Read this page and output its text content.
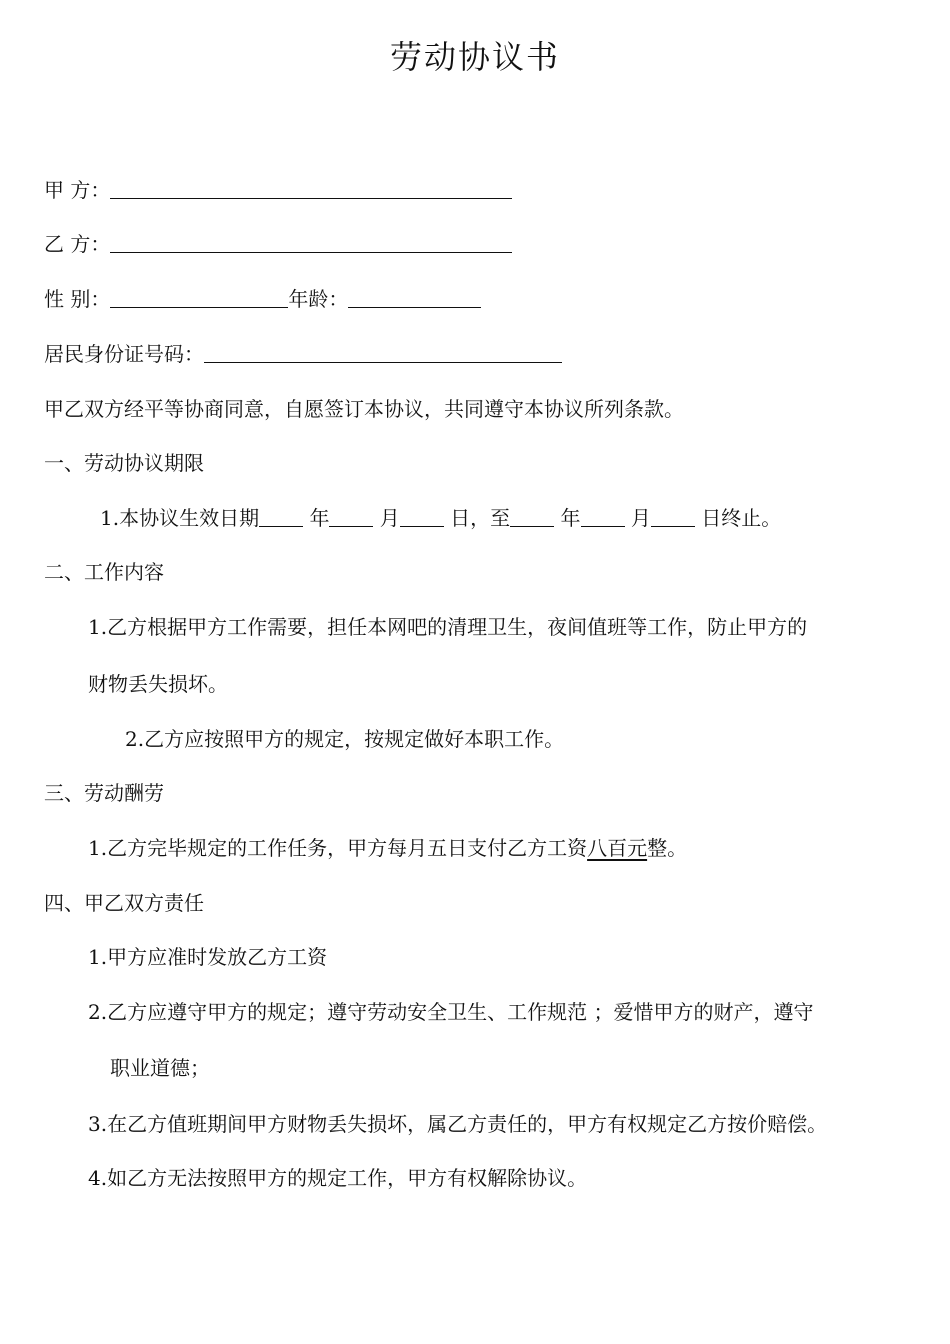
劳动协议书
甲 方：
乙 方：
性 别：	年龄：
居民身份证号码：
甲乙双方经平等协商同意，自愿签订本协议，共同遵守本协议所列条款。
一、劳动协议期限
1.本协议生效日期 年 月 日，至 年 月 日终止。
二、工作内容
1.乙方根据甲方工作需要，担任本网吧的清理卫生，夜间值班等工作，防止甲方的
财物丢失损坏。
2.乙方应按照甲方的规定，按规定做好本职工作。
三、劳动酬劳
1.乙方完毕规定的工作任务，甲方每月五日支付乙方工资八百元整。
四、甲乙双方责任
1.甲方应准时发放乙方工资
2.乙方应遵守甲方的规定；遵守劳动安全卫生、工作规范 ；爱惜甲方的财产，遵守
职业道德；
3.在乙方值班期间甲方财物丢失损坏，属乙方责任的，甲方有权规定乙方按价赔偿。
4.如乙方无法按照甲方的规定工作，甲方有权解除协议。
